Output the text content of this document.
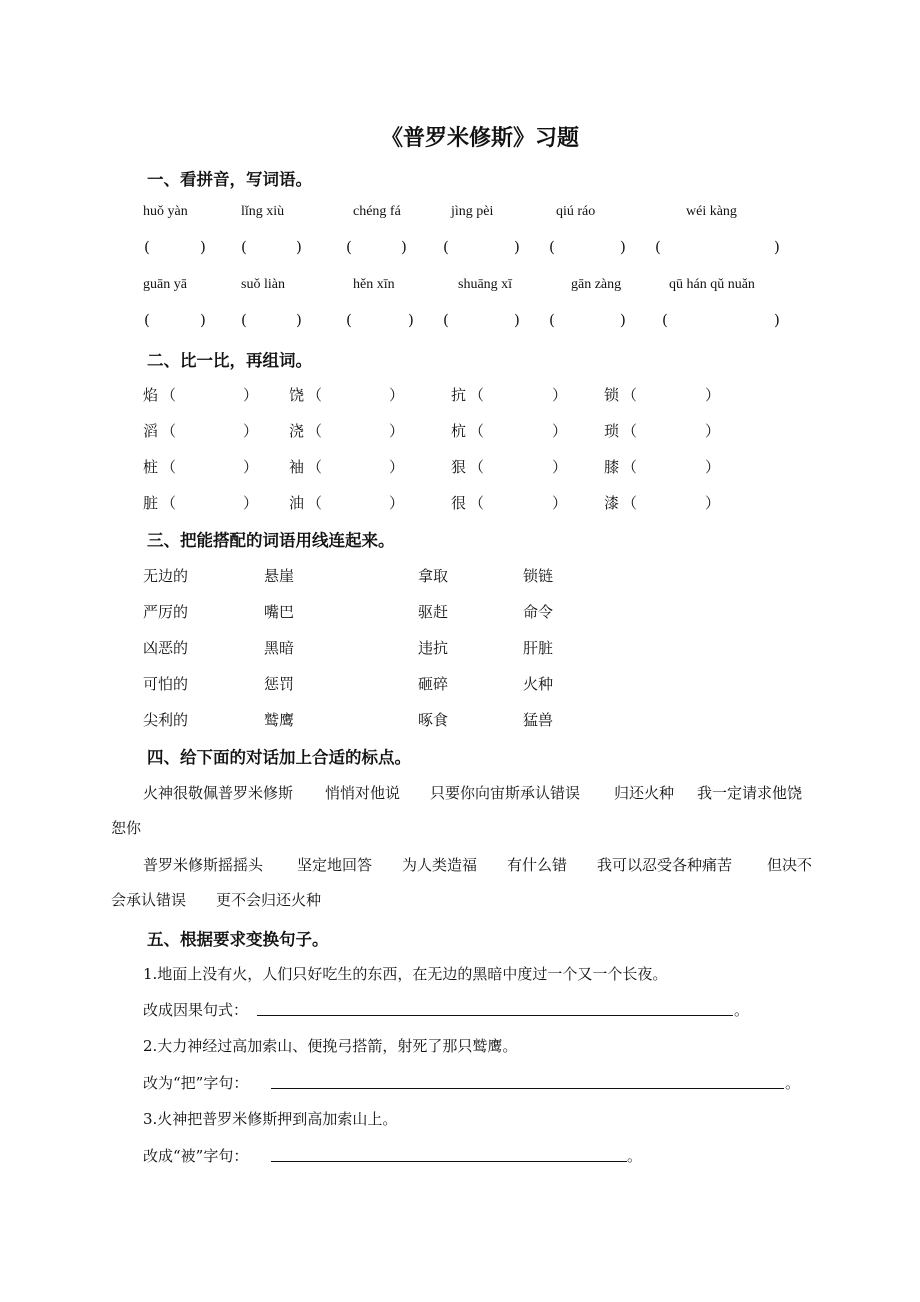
《普罗米修斯》习题
一、看拼音，写词语。
huǒ yàn	lǐng xiù	chéng fá	jìng pèi	qiú ráo	wéi kàng
(	) (	)	(	) (	) (	) (	)
guān yā	suǒ liàn	hěn xīn	shuāng xī	gān zàng	qū hán qǔ nuǎn
(	) (	)	(	) (	) (	) (	)
二、比一比，再组词。
焰 （	） 饶 （	）	抗 （	） 锁 （	）
滔 （	） 浇 （	）	杭 （	） 琐 （	）
桩 （	） 袖 （	）	狠 （	） 膝 （	）
脏 （	） 油 （	）	很 （	） 漆 （	）
三、把能搭配的词语用线连起来。
无边的	悬崖	拿取	锁链
严厉的	嘴巴	驱赶	命令
凶恶的	黑暗	违抗	肝脏
可怕的	惩罚	砸碎	火种
尖利的	鹫鹰	啄食	猛兽
四、给下面的对话加上合适的标点。
火神很敬佩普罗米修斯 悄悄对他说 只要你向宙斯承认错误 归还火种 我一定请求他饶
恕你
普罗米修斯摇摇头 坚定地回答 为人类造福 有什么错 我可以忍受各种痛苦 但决不
会承认错误 更不会归还火种
五、根据要求变换句子。
1.地面上没有火，人们只好吃生的东西，在无边的黑暗中度过一个又一个长夜。
改成因果句式：	。
2.大力神经过高加索山、便挽弓搭箭，射死了那只鹫鹰。
改为“把”字句：	。
3.火神把普罗米修斯押到高加索山上。
改成“被”字句：	。
